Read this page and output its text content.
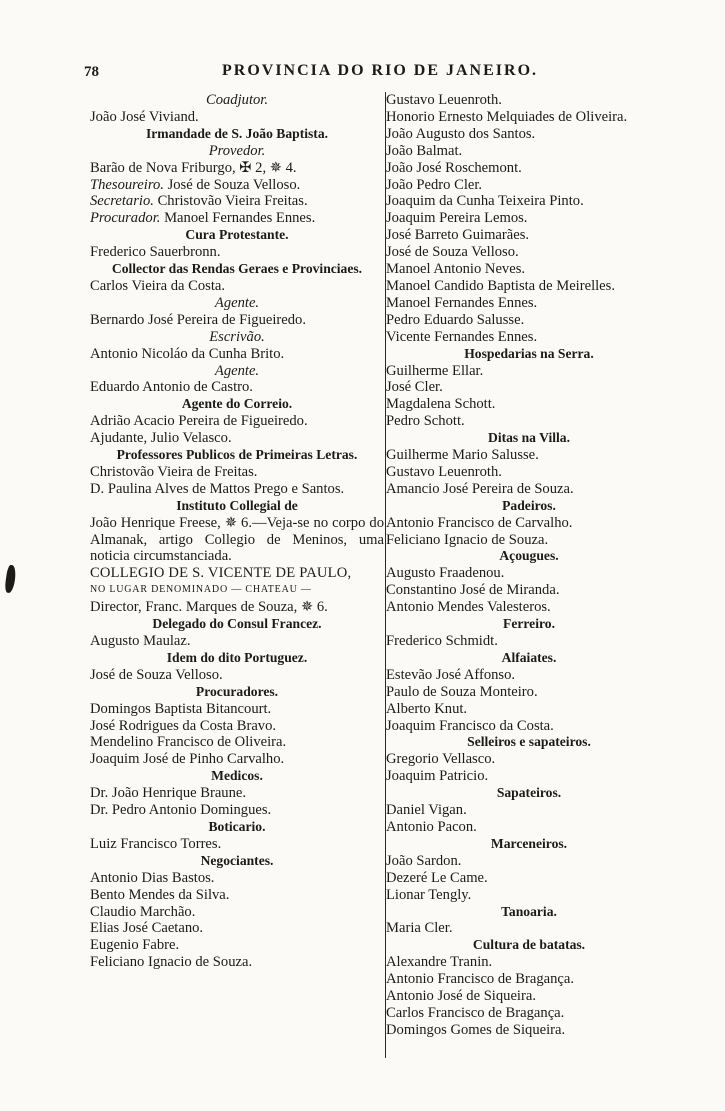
78	PROVINCIA DO RIO DE JANEIRO.
Coadjutor.
João José Viviand.
Irmandade de S. João Baptista.
Provedor.
Barão de Nova Friburgo, ✠ 2, ✵ 4.
Thesoureiro. José de Souza Velloso.
Secretario. Christovão Vieira Freitas.
Procurador. Manoel Fernandes Ennes.
Cura Protestante.
Frederico Sauerbronn.
Collector das Rendas Geraes e Provinciaes.
Carlos Vieira da Costa.
Agente.
Bernardo José Pereira de Figueiredo.
Escrivão.
Antonio Nicoláo da Cunha Brito.
Agente.
Eduardo Antonio de Castro.
Agente do Correio.
Adrião Acacio Pereira de Figueiredo.
Ajudante, Julio Velasco.
Professores Publicos de Primeiras Letras.
Christovão Vieira de Freitas.
D. Paulina Alves de Mattos Prego e Santos.
Instituto Collegial de
João Henrique Freese, ✵ 6.—Veja-se no corpo do Almanak, artigo Collegio de Meninos, uma noticia circumstanciada.
COLLEGIO DE S. VICENTE DE PAULO,
NO LUGAR DENOMINADO — CHATEAU —
Director, Franc. Marques de Souza, ✵ 6.
Delegado do Consul Francez.
Augusto Maulaz.
Idem do dito Portuguez.
José de Souza Velloso.
Procuradores.
Domingos Baptista Bitancourt.
José Rodrigues da Costa Bravo.
Mendelino Francisco de Oliveira.
Joaquim José de Pinho Carvalho.
Medicos.
Dr. João Henrique Braune.
Dr. Pedro Antonio Domingues.
Boticario.
Luiz Francisco Torres.
Negociantes.
Antonio Dias Bastos.
Bento Mendes da Silva.
Claudio Marchão.
Elias José Caetano.
Eugenio Fabre.
Feliciano Ignacio de Souza.
Gustavo Leuenroth.
Honorio Ernesto Melquiades de Oliveira.
João Augusto dos Santos.
João Balmat.
João José Roschemont.
João Pedro Cler.
Joaquim da Cunha Teixeira Pinto.
Joaquim Pereira Lemos.
José Barreto Guimarães.
José de Souza Velloso.
Manoel Antonio Neves.
Manoel Candido Baptista de Meirelles.
Manoel Fernandes Ennes.
Pedro Eduardo Salusse.
Vicente Fernandes Ennes.
Hospedarias na Serra.
Guilherme Ellar.
José Cler.
Magdalena Schott.
Pedro Schott.
Ditas na Villa.
Guilherme Mario Salusse.
Gustavo Leuenroth.
Amancio José Pereira de Souza.
Padeiros.
Antonio Francisco de Carvalho.
Feliciano Ignacio de Souza.
Açougues.
Augusto Fraadenou.
Constantino José de Miranda.
Antonio Mendes Valesteros.
Ferreiro.
Frederico Schmidt.
Alfaiates.
Estevão José Affonso.
Paulo de Souza Monteiro.
Alberto Knut.
Joaquim Francisco da Costa.
Selleiros e sapateiros.
Gregorio Vellasco.
Joaquim Patricio.
Sapateiros.
Daniel Vigan.
Antonio Pacon.
Marceneiros.
João Sardon.
Dezeré Le Came.
Lionar Tengly.
Tanoaria.
Maria Cler.
Cultura de batatas.
Alexandre Tranin.
Antonio Francisco de Bragança.
Antonio José de Siqueira.
Carlos Francisco de Bragança.
Domingos Gomes de Siqueira.
